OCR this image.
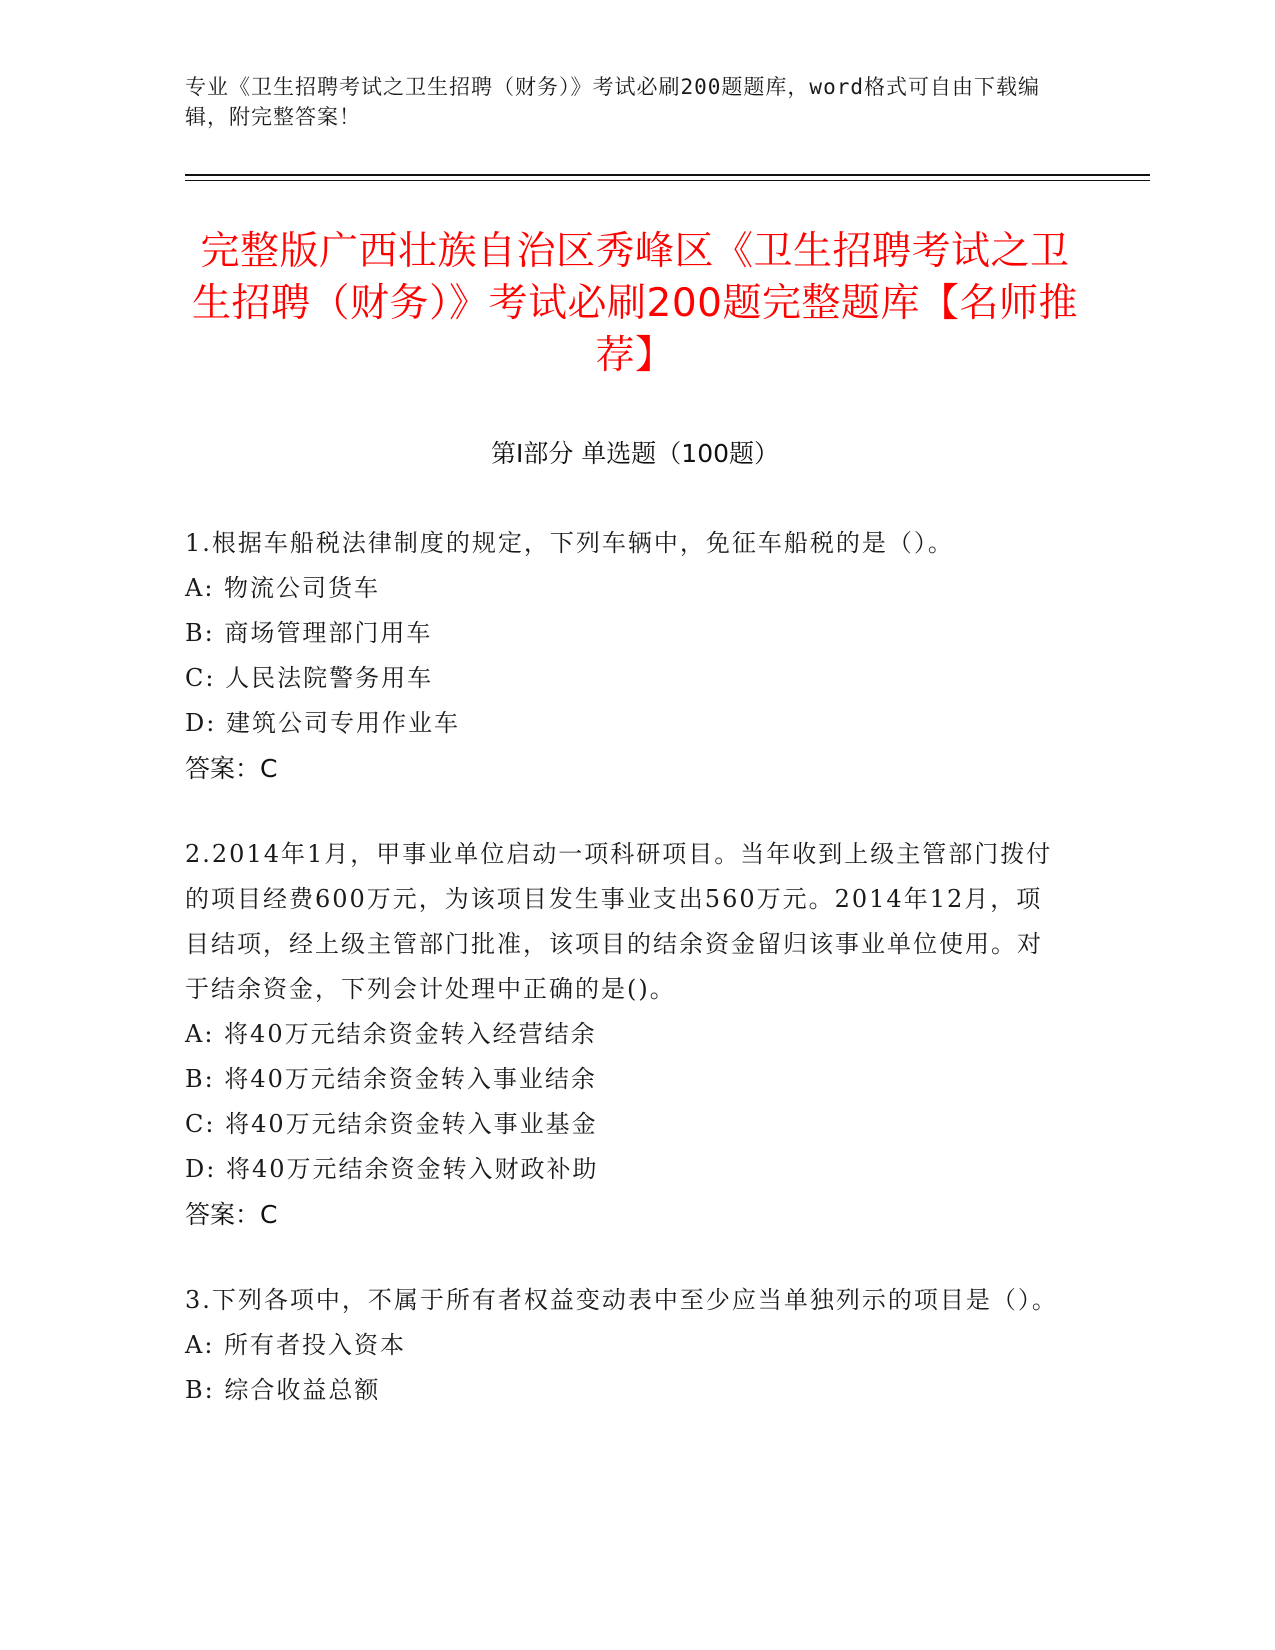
专业《卫生招聘考试之卫生招聘（财务）》考试必刷200题题库，word格式可自由下载编辑，附完整答案！
完整版广西壮族自治区秀峰区《卫生招聘考试之卫生招聘（财务）》考试必刷200题完整题库【名师推荐】
第I部分 单选题（100题）
1.根据车船税法律制度的规定，下列车辆中，免征车船税的是（）。
A: 物流公司货车
B: 商场管理部门用车
C: 人民法院警务用车
D: 建筑公司专用作业车
答案：C
2.2014年1月，甲事业单位启动一项科研项目。当年收到上级主管部门拨付的项目经费600万元，为该项目发生事业支出560万元。2014年12月，项目结项，经上级主管部门批准，该项目的结余资金留归该事业单位使用。对于结余资金，下列会计处理中正确的是()。
A: 将40万元结余资金转入经营结余
B: 将40万元结余资金转入事业结余
C: 将40万元结余资金转入事业基金
D: 将40万元结余资金转入财政补助
答案：C
3.下列各项中，不属于所有者权益变动表中至少应当单独列示的项目是（）。
A: 所有者投入资本
B: 综合收益总额
